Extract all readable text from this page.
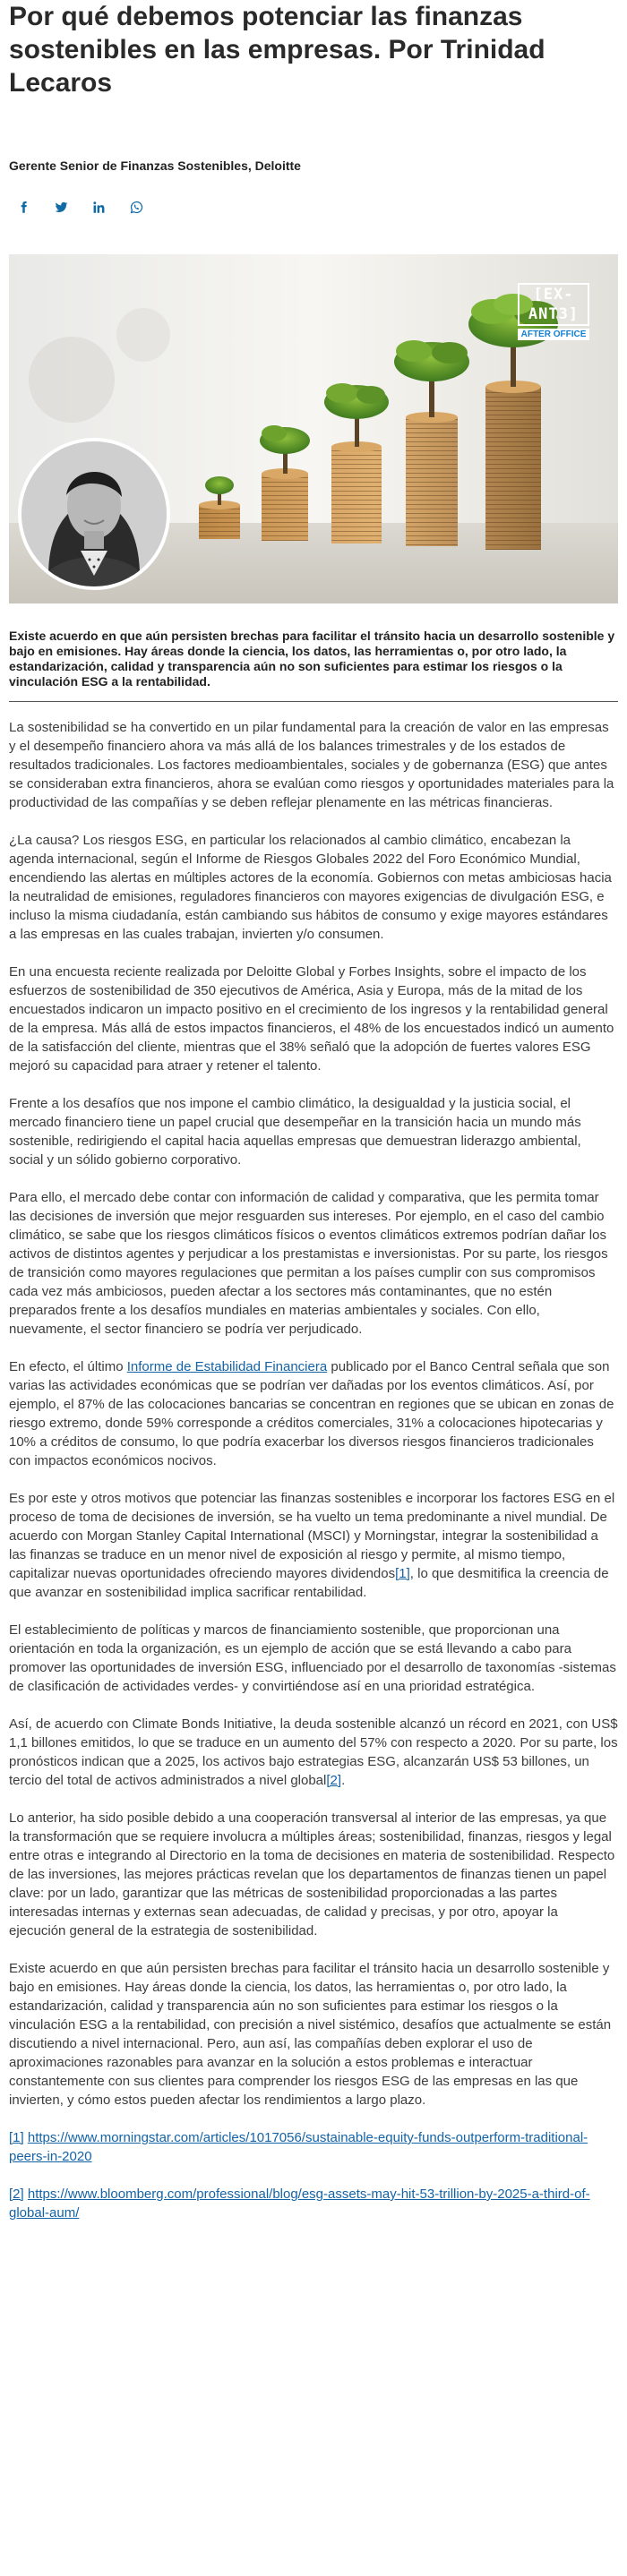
Por qué debemos potenciar las finanzas sostenibles en las empresas. Por Trinidad Lecaros
Gerente Senior de Finanzas Sostenibles, Deloitte
[EX-ANT3]
AFTER OFFICE
Existe acuerdo en que aún persisten brechas para facilitar el tránsito hacia un desarrollo sostenible y bajo en emisiones. Hay áreas donde la ciencia, los datos, las herramientas o, por otro lado, la estandarización, calidad y transparencia aún no son suficientes para estimar los riesgos o la vinculación ESG a la rentabilidad.

La sostenibilidad se ha convertido en un pilar fundamental para la creación de valor en las empresas y el desempeño financiero ahora va más allá de los balances trimestrales y de los estados de resultados tradicionales. Los factores medioambientales, sociales y de gobernanza (ESG) que antes se consideraban extra financieros, ahora se evalúan como riesgos y oportunidades materiales para la productividad de las compañías y se deben reflejar plenamente en las métricas financieras.

¿La causa? Los riesgos ESG, en particular los relacionados al cambio climático, encabezan la agenda internacional, según el Informe de Riesgos Globales 2022 del Foro Económico Mundial, encendiendo las alertas en múltiples actores de la economía. Gobiernos con metas ambiciosas hacia la neutralidad de emisiones, reguladores financieros con mayores exigencias de divulgación ESG, e incluso la misma ciudadanía, están cambiando sus hábitos de consumo y exige mayores estándares a las empresas en las cuales trabajan, invierten y/o consumen.

En una encuesta reciente realizada por Deloitte Global y Forbes Insights, sobre el impacto de los esfuerzos de sostenibilidad de 350 ejecutivos de América, Asia y Europa, más de la mitad de los encuestados indicaron un impacto positivo en el crecimiento de los ingresos y la rentabilidad general de la empresa. Más allá de estos impactos financieros, el 48% de los encuestados indicó un aumento de la satisfacción del cliente, mientras que el 38% señaló que la adopción de fuertes valores ESG mejoró su capacidad para atraer y retener el talento.

Frente a los desafíos que nos impone el cambio climático, la desigualdad y la justicia social, el mercado financiero tiene un papel crucial que desempeñar en la transición hacia un mundo más sostenible, redirigiendo el capital hacia aquellas empresas que demuestran liderazgo ambiental, social y un sólido gobierno corporativo.

Para ello, el mercado debe contar con información de calidad y comparativa, que les permita tomar las decisiones de inversión que mejor resguarden sus intereses. Por ejemplo, en el caso del cambio climático, se sabe que los riesgos climáticos físicos o eventos climáticos extremos podrían dañar los activos de distintos agentes y perjudicar a los prestamistas e inversionistas. Por su parte, los riesgos de transición como mayores regulaciones que permitan a los países cumplir con sus compromisos cada vez más ambiciosos, pueden afectar a los sectores más contaminantes, que no estén preparados frente a los desafíos mundiales en materias ambientales y sociales. Con ello, nuevamente, el sector financiero se podría ver perjudicado.

En efecto, el último Informe de Estabilidad Financiera publicado por el Banco Central señala que son varias las actividades económicas que se podrían ver dañadas por los eventos climáticos. Así, por ejemplo, el 87% de las colocaciones bancarias se concentran en regiones que se ubican en zonas de riesgo extremo, donde 59% corresponde a créditos comerciales, 31% a colocaciones hipotecarias y 10% a créditos de consumo, lo que podría exacerbar los diversos riesgos financieros tradicionales con impactos económicos nocivos.

Es por este y otros motivos que potenciar las finanzas sostenibles e incorporar los factores ESG en el proceso de toma de decisiones de inversión, se ha vuelto un tema predominante a nivel mundial. De acuerdo con Morgan Stanley Capital International (MSCI) y Morningstar, integrar la sostenibilidad a las finanzas se traduce en un menor nivel de exposición al riesgo y permite, al mismo tiempo, capitalizar nuevas oportunidades ofreciendo mayores dividendos[1], lo que desmitifica la creencia de que avanzar en sostenibilidad implica sacrificar rentabilidad.

El establecimiento de políticas y marcos de financiamiento sostenible, que proporcionan una orientación en toda la organización, es un ejemplo de acción que se está llevando a cabo para promover las oportunidades de inversión ESG, influenciado por el desarrollo de taxonomías -sistemas de clasificación de actividades verdes- y convirtiéndose así en una prioridad estratégica.

Así, de acuerdo con Climate Bonds Initiative, la deuda sostenible alcanzó un récord en 2021, con US$ 1,1 billones emitidos, lo que se traduce en un aumento del 57% con respecto a 2020. Por su parte, los pronósticos indican que a 2025, los activos bajo estrategias ESG, alcanzarán US$ 53 billones, un tercio del total de activos administrados a nivel global[2].

Lo anterior, ha sido posible debido a una cooperación transversal al interior de las empresas, ya que la transformación que se requiere involucra a múltiples áreas; sostenibilidad, finanzas, riesgos y legal entre otras e integrando al Directorio en la toma de decisiones en materia de sostenibilidad. Respecto de las inversiones, las mejores prácticas revelan que los departamentos de finanzas tienen un papel clave: por un lado, garantizar que las métricas de sostenibilidad proporcionadas a las partes interesadas internas y externas sean adecuadas, de calidad y precisas, y por otro, apoyar la ejecución general de la estrategia de sostenibilidad.

Existe acuerdo en que aún persisten brechas para facilitar el tránsito hacia un desarrollo sostenible y bajo en emisiones. Hay áreas donde la ciencia, los datos, las herramientas o, por otro lado, la estandarización, calidad y transparencia aún no son suficientes para estimar los riesgos o la vinculación ESG a la rentabilidad, con precisión a nivel sistémico, desafíos que actualmente se están discutiendo a nivel internacional. Pero, aun así, las compañías deben explorar el uso de aproximaciones razonables para avanzar en la solución a estos problemas e interactuar constantemente con sus clientes para comprender los riesgos ESG de las empresas en las que invierten, y cómo estos pueden afectar los rendimientos a largo plazo.

[1] https://www.morningstar.com/articles/1017056/sustainable-equity-funds-outperform-traditional-peers-in-2020

[2] https://www.bloomberg.com/professional/blog/esg-assets-may-hit-53-trillion-by-2025-a-third-of-global-aum/
